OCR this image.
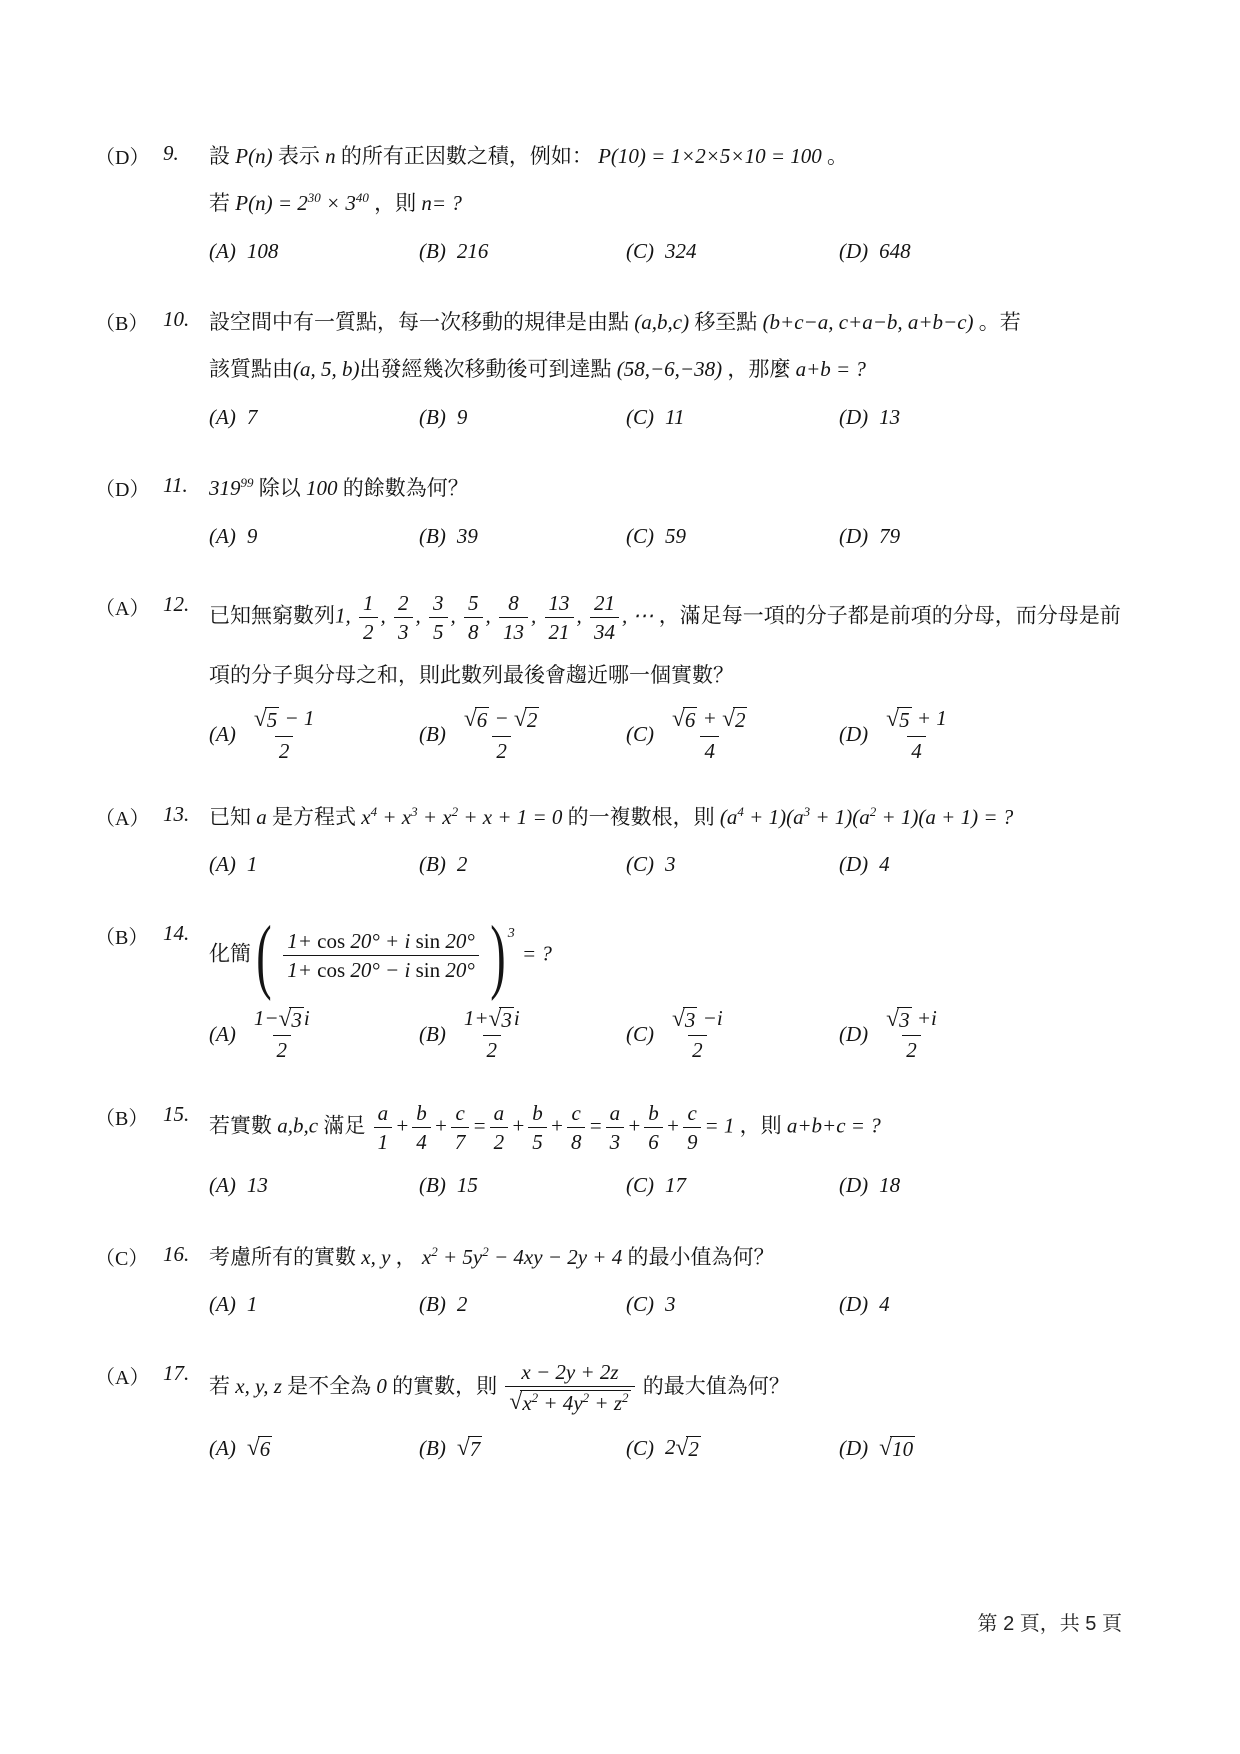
（D） 9.	設 P(n) 表示 n 的所有正因數之積，例如： P(10) = 1×2×5×10 = 100 。
若 $P(n) = 2^{30} \times 3^{40}$ ，則 n= ?
(A) 108	(B) 216	(C) 324	(D) 648
（B） 10. 設空間中有一質點，每一次移動的規律是由點 (a,b,c) 移至點 (b+c−a, c+a−b, a+b−c) 。若
該質點由(a, 5, b)出發經幾次移動後可到達點 (58,−6,−38) ，那麼 a+b = ?
(A) 7	(B) 9	(C) 11	(D) 13
（D） 11.	$319^{99}$ 除以 100 的餘數為何？
(A) 9	(B) 39	(C) 59	(D) 79
（A） 12. 已知無窮數列1, $\frac{1}{2}$ , $\frac{2}{3}$ , $\frac{3}{5}$ , $\frac{5}{8}$ , $\frac{8}{13}$ , $\frac{13}{21}$ , $\frac{21}{34}$ , ⋯ ，滿足每一項的分子都是前項的分母，而分母是前
項的分子與分母之和，則此數列最後會趨近哪一個實數？
$(A) \frac{√ 5 - 1}{2}$	$(B) \frac{√ 6 - √ 2}{2}$	$(C) \frac{√ 6 + √ 2}{4}$	$(D) \frac{√ 5 + 1}{4}$
（A） 13. 已知 a 是方程式 $x^4 + x^3 + x^2 + x + 1 = 0$ 的一複數根，則 $(a^4 + 1)(a^3 + 1)(a^2 + 1)(a + 1)$ = ?
(A) 1	(B) 2	(C) 3	(D) 4
（B） 14.
化簡 ( $\frac{\text{1+ cos 20° + i sin 20°}}{\text{1+ cos 20° − i sin 20°}}$ ) 3
= ?
$(A) \frac{1- √ 3 i}{2}$	$(B) \frac{1+ √ 3 i}{2}$	$(C) \frac{√ 3 -i}{2}$	$(D) \frac{√ 3 +i}{2}$
（B） 15. 若實數 a,b,c 滿足 $\frac{a}{1} + \frac{b}{4} + \frac{c}{7} = \frac{a}{2} + \frac{b}{5} + \frac{c}{8} = \frac{a}{3} + \frac{b}{6} + \frac{c}{9} = 1$ ，則 a+b+c = ?
(A) 13	(B) 15	(C) 17	(D) 18
（C） 16. 考慮所有的實數 x, y ， $x^2 + 5y^2 - 4xy - 2y + 4$ 的最小值為何？
(A) 1	(B) 2	(C) 3	(D) 4
（A） 17.
若 x, y, z 是不全為 0 的實數，則 $\frac{x - 2y + 2z}{√ x^2 + 4y^2 + z^2}$ 的最大值為何？
(A) √ 6	(B) √ 7	(C) 2 √ 2	(D) √ 10
第 2 頁，共 5 頁
